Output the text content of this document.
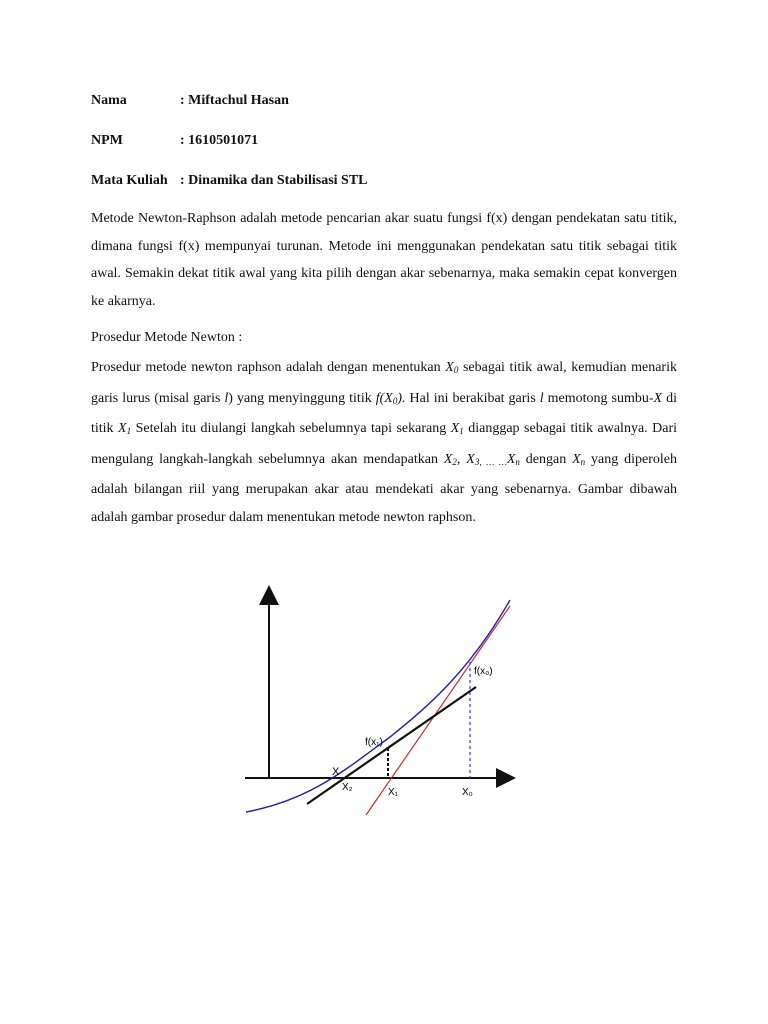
Nama	: Miftachul Hasan
NPM	: 1610501071
Mata Kuliah : Dinamika dan Stabilisasi STL

Metode Newton-Raphson adalah metode pencarian akar suatu fungsi f(x) dengan pendekatan satu titik, dimana fungsi f(x) mempunyai turunan. Metode ini menggunakan pendekatan satu titik sebagai titik awal. Semakin dekat titik awal yang kita pilih dengan akar sebenarnya, maka semakin cepat konvergen ke akarnya.

Prosedur Metode Newton :

Prosedur metode newton raphson adalah dengan menentukan $X_0$ sebagai titik awal, kemudian menarik garis lurus (misal garis l) yang menyinggung titik $f(X_0)$. Hal ini berakibat garis l memotong sumbu-X di titik $X_1$ Setelah itu diulangi langkah sebelumnya tapi sekarang $X_1$ dianggap sebagai titik awalnya. Dari mengulang langkah-langkah sebelumnya akan mendapatkan $X_2$, $X_{3, \dots \dots}X_n$ dengan $X_n$ yang diperoleh adalah bilangan riil yang merupakan akar atau mendekati akar yang sebenarnya. Gambar dibawah adalah gambar prosedur dalam menentukan metode newton raphson.

f(x₀)
f(x₁)
X
X₂	X₁	X₀
